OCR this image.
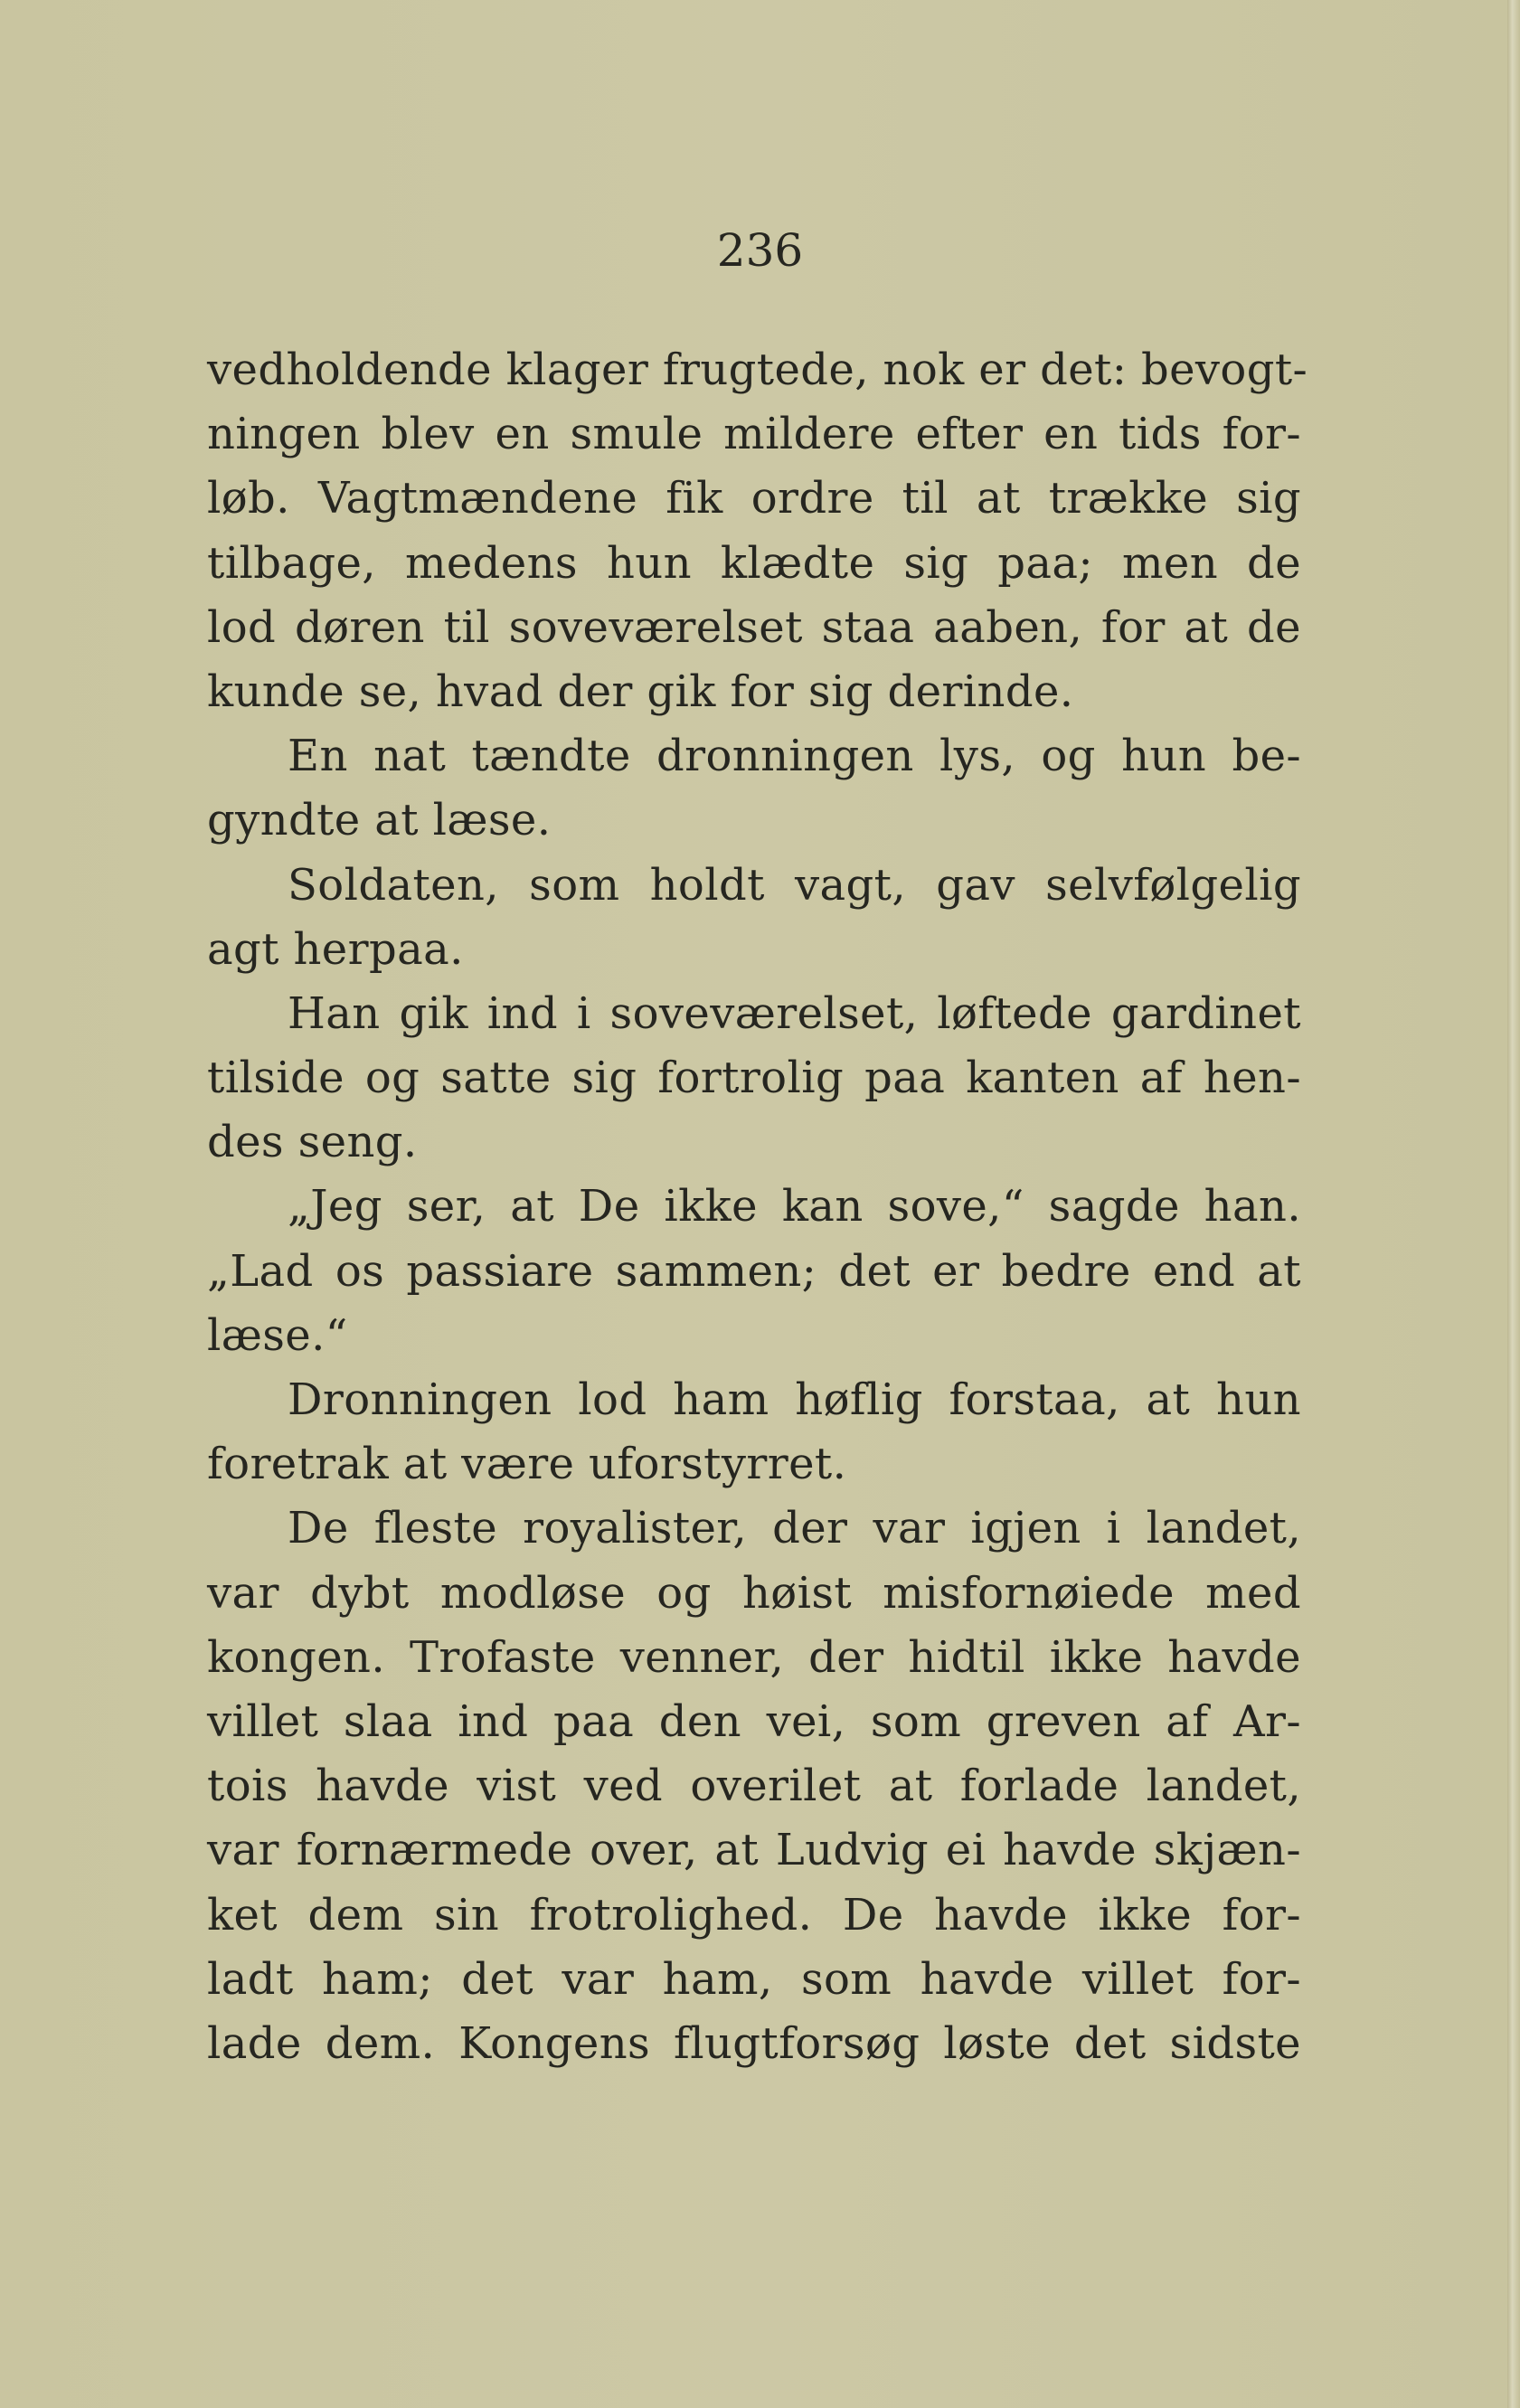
236

vedholdende klager frugtede, nok er det: bevogt-
ningen blev en smule mildere efter en tids for-
løb. Vagtmændene fik ordre til at trække sig
tilbage, medens hun klædte sig paa; men de
lod døren til soveværelset staa aaben, for at de
kunde se, hvad der gik for sig derinde.
En nat tændte dronningen lys, og hun be-
gyndte at læse.
Soldaten, som holdt vagt, gav selvfølgelig
agt herpaa.
Han gik ind i soveværelset, løftede gardinet
tilside og satte sig fortrolig paa kanten af hen-
des seng.
„Jeg ser, at De ikke kan sove,“ sagde han.
„Lad os passiare sammen; det er bedre end at
læse.“
Dronningen lod ham høflig forstaa, at hun
foretrak at være uforstyrret.
De fleste royalister, der var igjen i landet,
var dybt modløse og høist misfornøiede med
kongen. Trofaste venner, der hidtil ikke havde
villet slaa ind paa den vei, som greven af Ar-
tois havde vist ved overilet at forlade landet,
var fornærmede over, at Ludvig ei havde skjæn-
ket dem sin frotrolighed. De havde ikke for-
ladt ham; det var ham, som havde villet for-
lade dem. Kongens flugtforsøg løste det sidste
